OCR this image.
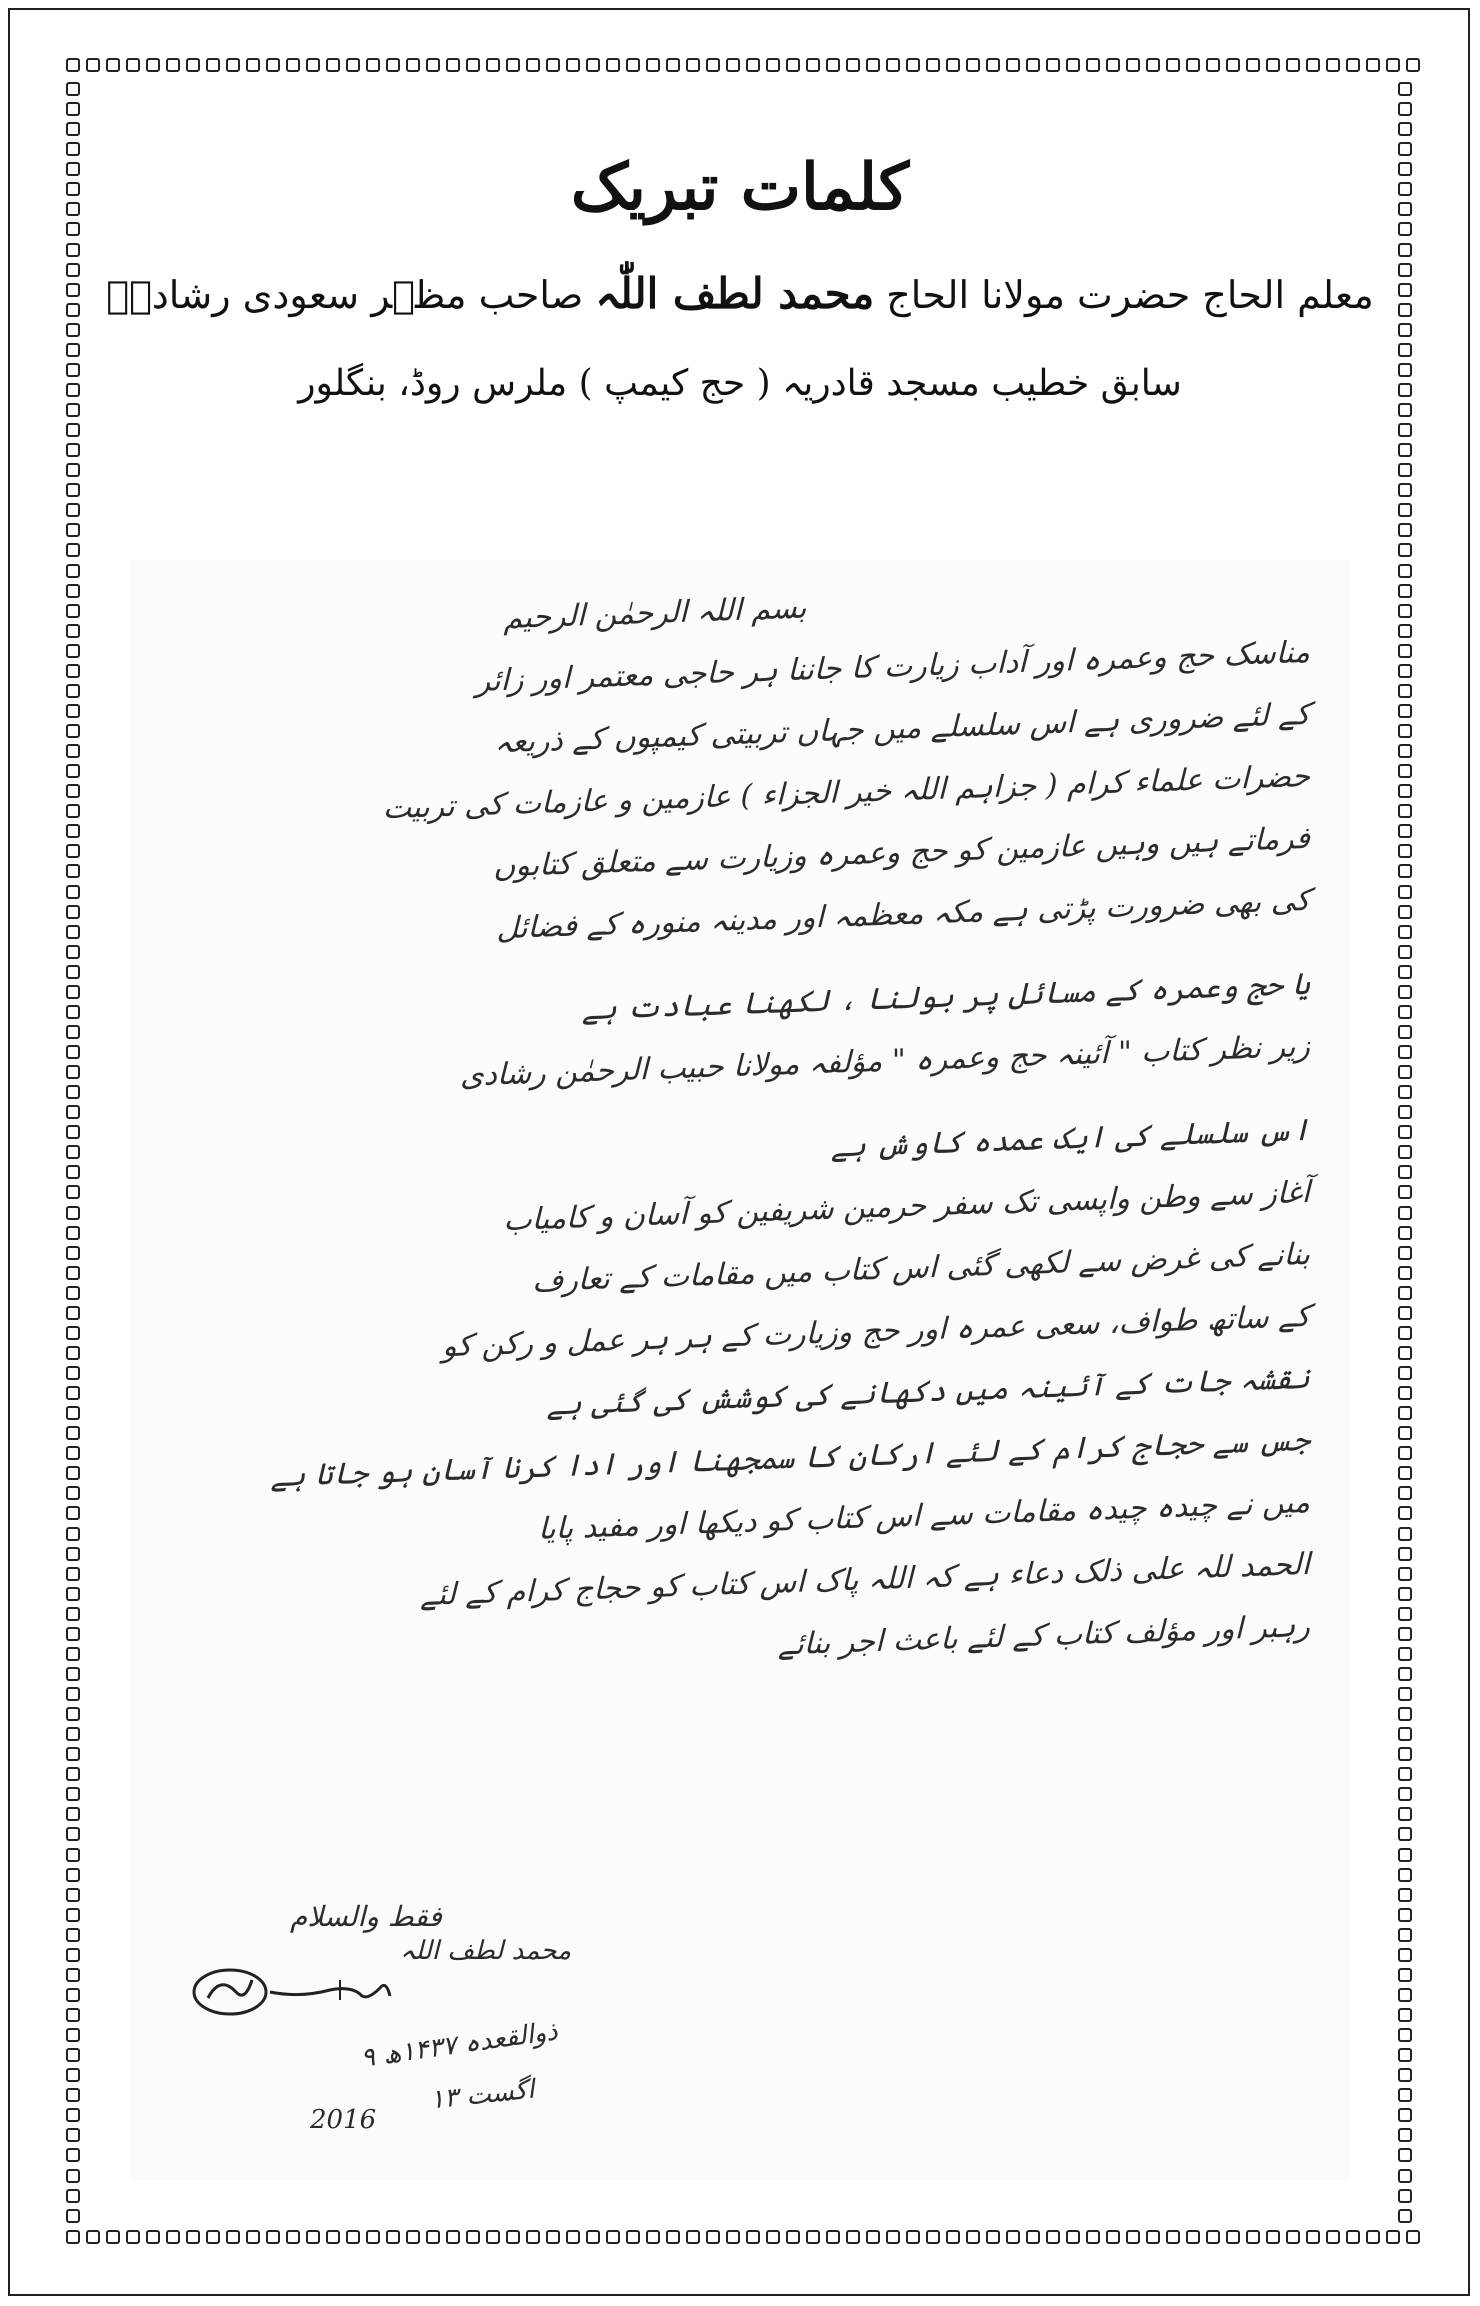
کلمات تبریک
معلم الحاج حضرت مولانا الحاج محمد لطف اللّٰہ صاحب مظہر سعودی رشادیؒ
سابق خطیب مسجد قادریہ ( حج کیمپ ) ملرس روڈ، بنگلور
بسم اللہ الرحمٰن الرحیم
مناسک حج وعمرہ اور آداب زیارت کا جاننا ہر حاجی معتمر اور زائر
کے لئے ضروری ہے اس سلسلے میں جہاں تربیتی کیمپوں کے ذریعہ
حضرات علماء کرام ( جزاہم اللہ خیر الجزاء ) عازمین و عازمات کی تربیت
فرماتے ہیں وہیں عازمین کو حج وعمرہ وزیارت سے متعلق کتابوں
کی بھی ضرورت پڑتی ہے مکہ معظمہ اور مدینہ منورہ کے فضائل
یا حج وعمرہ کے مسائل پر بولنا ، لکھنا عبادت ہے
زیر نظر کتاب " آئینہ حج وعمرہ " مؤلفہ مولانا حبیب الرحمٰن رشادی
اس سلسلے کی ایک عمدہ کاوش ہے
آغاز سے وطن واپسی تک سفر حرمین شریفین کو آسان و کامیاب
بنانے کی غرض سے لکھی گئی اس کتاب میں مقامات کے تعارف
کے ساتھ طواف، سعی عمرہ اور حج وزیارت کے ہر ہر عمل و رکن کو
نقشہ جات کے آئینہ میں دکھانے کی کوشش کی گئی ہے
جس سے حجاج کرام کے لئے ارکان کا سمجھنا اور ادا کرنا آسان ہو جاتا ہے
میں نے چیدہ چیدہ مقامات سے اس کتاب کو دیکھا اور مفید پایا
الحمد للہ علی ذلک دعاء ہے کہ اللہ پاک اس کتاب کو حجاج کرام کے لئے
رہبر اور مؤلف کتاب کے لئے باعث اجر بنائے
فقط والسلام
محمد لطف اللہ
۹ ذوالقعدہ ۱۴۳۷ھ
۱۳ اگست
2016
